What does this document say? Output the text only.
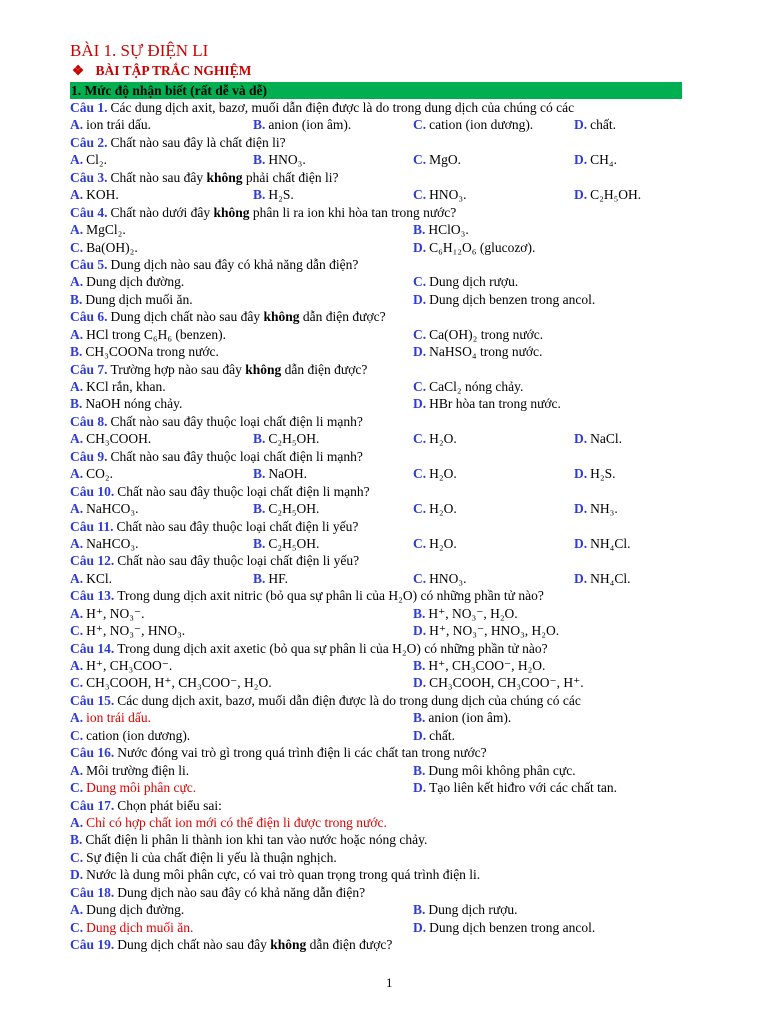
BÀI 1. SỰ ĐIỆN LI
❖ BÀI TẬP TRẮC NGHIỆM
1. Mức độ nhận biết (rất dễ và dễ)
Câu 1. Các dung dịch axit, bazơ, muối dẫn điện được là do trong dung dịch của chúng có các
A. ion trái dấu.	B. anion (ion âm).	C. cation (ion dương).	D. chất.
Câu 2. Chất nào sau đây là chất điện li?
A. Cl₂.	B. HNO₃.	C. MgO.	D. CH₄.
Câu 3. Chất nào sau đây không phải chất điện li?
A. KOH.	B. H₂S.	C. HNO₃.	D. C₂H₅OH.
Câu 4. Chất nào dưới đây không phân li ra ion khi hòa tan trong nước?
A. MgCl₂.	B. HClO₃.
C. Ba(OH)₂.	D. C₆H₁₂O₆ (glucozơ).
Câu 5. Dung dịch nào sau đây có khả năng dẫn điện?
A. Dung dịch đường.	C. Dung dịch rượu.
B. Dung dịch muối ăn.	D. Dung dịch benzen trong ancol.
Câu 6. Dung dịch chất nào sau đây không dẫn điện được?
A. HCl trong C₆H₆ (benzen).	C. Ca(OH)₂ trong nước.
B. CH₃COONa trong nước.	D. NaHSO₄ trong nước.
Câu 7. Trường hợp nào sau đây không dẫn điện được?
A. KCl rắn, khan.	C. CaCl₂ nóng chảy.
B. NaOH nóng chảy.	D. HBr hòa tan trong nước.
Câu 8. Chất nào sau đây thuộc loại chất điện li mạnh?
A. CH₃COOH.	B. C₂H₅OH.	C. H₂O.	D. NaCl.
Câu 9. Chất nào sau đây thuộc loại chất điện li mạnh?
A. CO₂.	B. NaOH.	C. H₂O.	D. H₂S.
Câu 10. Chất nào sau đây thuộc loại chất điện li mạnh?
A. NaHCO₃.	B. C₂H₅OH.	C. H₂O.	D. NH₃.
Câu 11. Chất nào sau đây thuộc loại chất điện li yếu?
A. NaHCO₃.	B. C₂H₅OH.	C. H₂O.	D. NH₄Cl.
Câu 12. Chất nào sau đây thuộc loại chất điện li yếu?
A. KCl.	B. HF.	C. HNO₃.	D. NH₄Cl.
Câu 13. Trong dung dịch axit nitric (bỏ qua sự phân li của H₂O) có những phần tử nào?
A. H⁺, NO₃⁻.	B. H⁺, NO₃⁻, H₂O.
C. H⁺, NO₃⁻, HNO₃.	D. H⁺, NO₃⁻, HNO₃, H₂O.
Câu 14. Trong dung dịch axit axetic (bỏ qua sự phân li của H₂O) có những phần tử nào?
A. H⁺, CH₃COO⁻.	B. H⁺, CH₃COO⁻, H₂O.
C. CH₃COOH, H⁺, CH₃COO⁻, H₂O.	D. CH₃COOH, CH₃COO⁻, H⁺.
Câu 15. Các dung dịch axit, bazơ, muối dẫn điện được là do trong dung dịch của chúng có các
A. ion trái dấu.	B. anion (ion âm).
C. cation (ion dương).	D. chất.
Câu 16. Nước đóng vai trò gì trong quá trình điện li các chất tan trong nước?
A. Môi trường điện li.	B. Dung môi không phân cực.
C. Dung môi phân cực.	D. Tạo liên kết hiđro với các chất tan.
Câu 17. Chọn phát biểu sai:
A. Chỉ có hợp chất ion mới có thể điện li được trong nước.
B. Chất điện li phân li thành ion khi tan vào nước hoặc nóng chảy.
C. Sự điện li của chất điện li yếu là thuận nghịch.
D. Nước là dung môi phân cực, có vai trò quan trọng trong quá trình điện li.
Câu 18. Dung dịch nào sau đây có khả năng dẫn điện?
A. Dung dịch đường.	B. Dung dịch rượu.
C. Dung dịch muối ăn.	D. Dung dịch benzen trong ancol.
Câu 19. Dung dịch chất nào sau đây không dẫn điện được?
1
